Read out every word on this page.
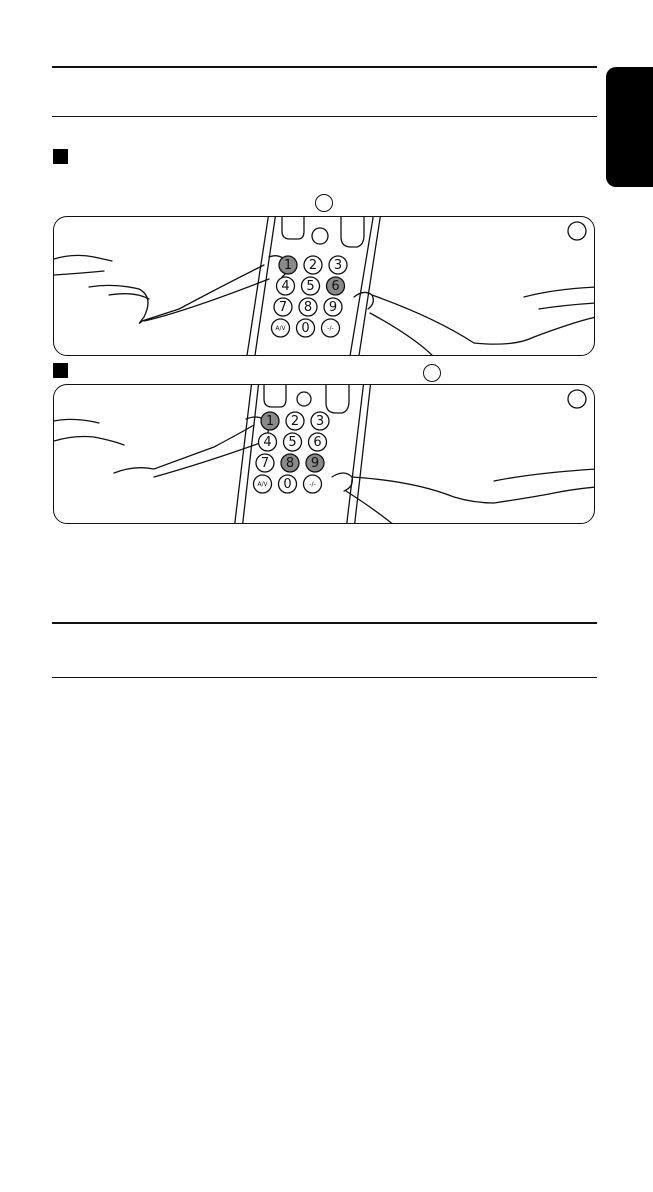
1 2 3
4 5 6
7 8 9
A/V 0	-/-
1 2 3
4 5 6
7 8 9
A/V 0	-/-
